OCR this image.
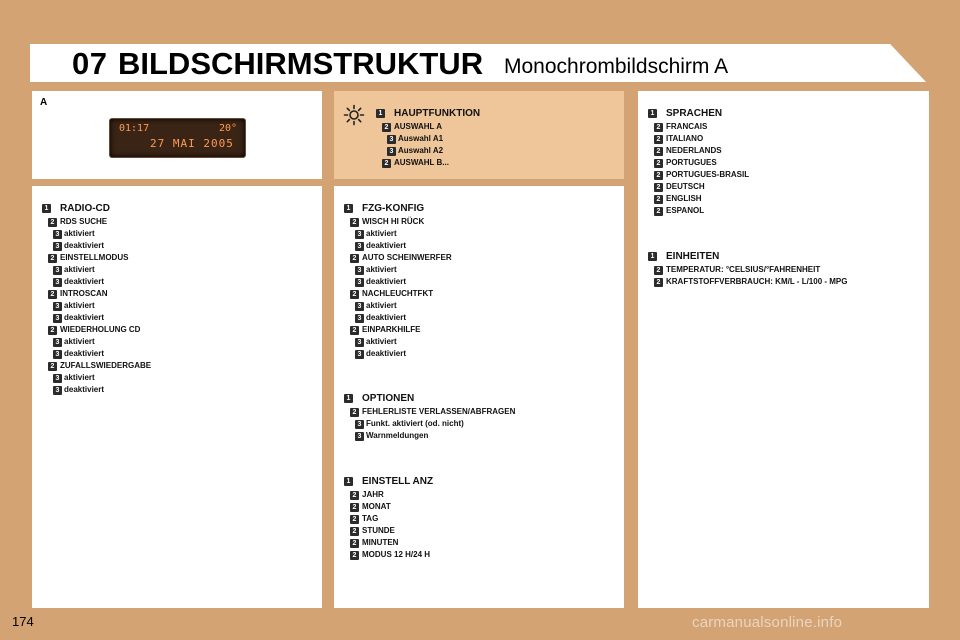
07 BILDSCHIRMSTRUKTUR Monochrombildschirm A
A
01:17	20°
27 MAI 2005
1 RADIO-CD
2 RDS SUCHE
3 aktiviert
3 deaktiviert
2 EINSTELLMODUS
3 aktiviert
3 deaktiviert
2 INTROSCAN
3 aktiviert
3 deaktiviert
2 WIEDERHOLUNG CD
3 aktiviert
3 deaktiviert
2 ZUFALLSWIEDERGABE
3 aktiviert
3 deaktiviert
1 HAUPTFUNKTION
2 AUSWAHL A
3 Auswahl A1
3 Auswahl A2
2 AUSWAHL B...
1 FZG-KONFIG
2 WISCH HI RÜCK
3 aktiviert
3 deaktiviert
2 AUTO SCHEINWERFER
3 aktiviert
3 deaktiviert
2 NACHLEUCHTFKT
3 aktiviert
3 deaktiviert
2 EINPARKHILFE
3 aktiviert
3 deaktiviert
1 OPTIONEN
2 FEHLERLISTE VERLASSEN/ABFRAGEN
3 Funkt. aktiviert (od. nicht)
3 Warnmeldungen
1 EINSTELL ANZ
2 JAHR
2 MONAT
2 TAG
2 STUNDE
2 MINUTEN
2 MODUS 12 H/24 H
1 SPRACHEN
2 FRANCAIS
2 ITALIANO
2 NEDERLANDS
2 PORTUGUES
2 PORTUGUES-BRASIL
2 DEUTSCH
2 ENGLISH
2 ESPANOL
1 EINHEITEN
2 TEMPERATUR: °CELSIUS/°FAHRENHEIT
2 KRAFTSTOFFVERBRAUCH: KM/L - L/100 - MPG
174	carmanualsonline.info
